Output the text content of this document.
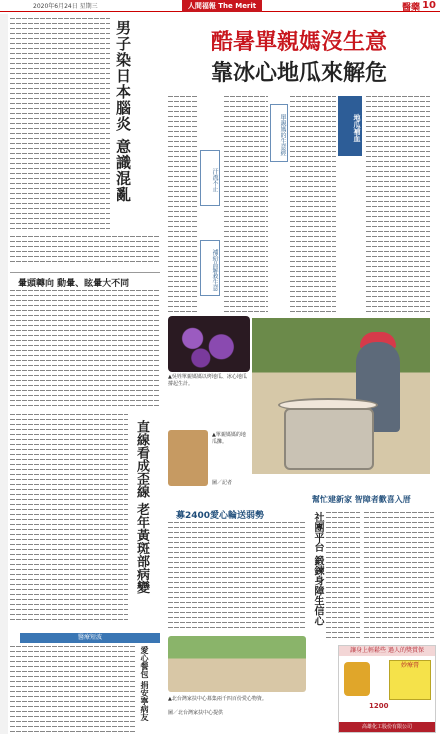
2020年6月24日 星期三	人間福報 The Merit Times
醫藥 10
男子染日本腦炎 意識混亂
暈頭轉向 動暈、眩暈大不同
直線看成歪線 老年黃斑部病變
醫療短波
愛心餐包 捐安寧病友
酷暑單親媽沒生意
靠冰心地瓜來解危
地瓜補血
單親媽的生意經
汗流不止
補給品解救生意
▲吳姓單親媽媽以烤地瓜、冰心地瓜撐起生計。
▲單親媽媽的地瓜攤。
圖／記者
募2400愛心輪送弱勢
▲北台灣家扶中心募集兩千四百份愛心物資。
圖／北台灣家扶中心提供
社團平台 鍛鍊身障生信心
幫忙建新家 智障者歡喜入厝
讓身上輕鬆些 過人的獎賞保
妙療膏
1200
高雄化工股份有限公司
